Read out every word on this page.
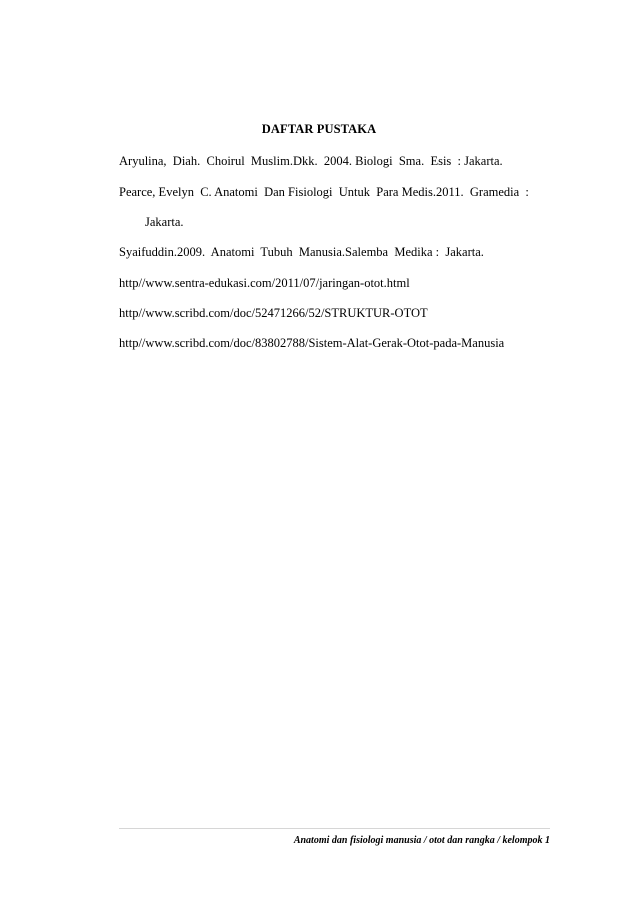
DAFTAR PUSTAKA

Aryulina,  Diah.  Choirul  Muslim.Dkk.  2004. Biologi  Sma.  Esis  : Jakarta.

Pearce, Evelyn  C. Anatomi  Dan Fisiologi  Untuk  Para Medis.2011.  Gramedia  :

Jakarta.

Syaifuddin.2009.  Anatomi  Tubuh  Manusia.Salemba  Medika :  Jakarta.

http//www.sentra-edukasi.com/2011/07/jaringan-otot.html

http//www.scribd.com/doc/52471266/52/STRUKTUR-OTOT

http//www.scribd.com/doc/83802788/Sistem-Alat-Gerak-Otot-pada-Manusia

Anatomi dan fisiologi manusia / otot dan rangka / kelompok 1
